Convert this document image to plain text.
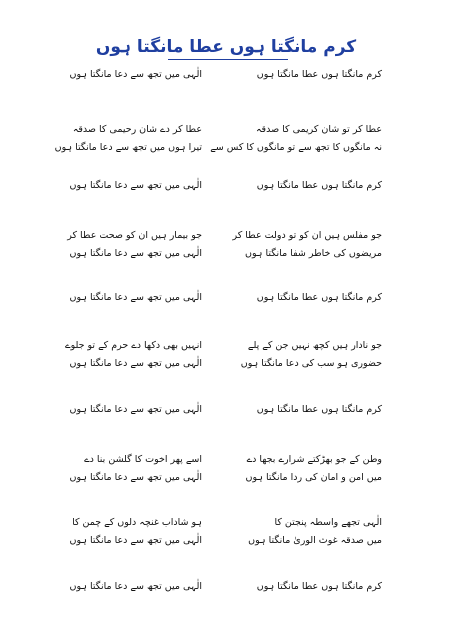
کرم مانگتا ہوں عطا مانگتا ہوں
کرم مانگتا ہوں عطا مانگتا ہوں
الٰہی میں تجھ سے دعا مانگتا ہوں
عطا کر تو شان کریمی کا صدقہ
عطا کر دے شان رحیمی کا صدقہ
نہ مانگوں کا تجھ سے تو مانگوں کا کس سے
تیرا ہوں میں تجھ سے دعا مانگتا ہوں
کرم مانگتا ہوں عطا مانگتا ہوں
الٰہی میں تجھ سے دعا مانگتا ہوں
جو مفلس ہیں ان کو تو دولت عطا کر
جو بیمار ہیں ان کو صحت عطا کر
مریضوں کی خاطر شفا مانگتا ہوں
الٰہی میں تجھ سے دعا مانگتا ہوں
کرم مانگتا ہوں عطا مانگتا ہوں
الٰہی میں تجھ سے دعا مانگتا ہوں
جو نادار ہیں کچھ نہیں جن کے پلے
انہیں بھی دکھا دے حرم کے تو جلوے
حضوری ہو سب کی دعا مانگتا ہوں
الٰہی میں تجھ سے دعا مانگتا ہوں
کرم مانگتا ہوں عطا مانگتا ہوں
الٰہی میں تجھ سے دعا مانگتا ہوں
وطن کے جو بھڑکتے شرارے بجھا دے
اسے پھر اخوت کا گلشن بنا دے
میں امن و امان کی ردا مانگتا ہوں
الٰہی میں تجھ سے دعا مانگتا ہوں
الٰہی تجھے واسطہ پنجتن کا
ہو شاداب غنچہ دلوں کے چمن کا
میں صدقہ غوث الوریٰ مانگتا ہوں
الٰہی میں تجھ سے دعا مانگتا ہوں
کرم مانگتا ہوں عطا مانگتا ہوں
الٰہی میں تجھ سے دعا مانگتا ہوں
